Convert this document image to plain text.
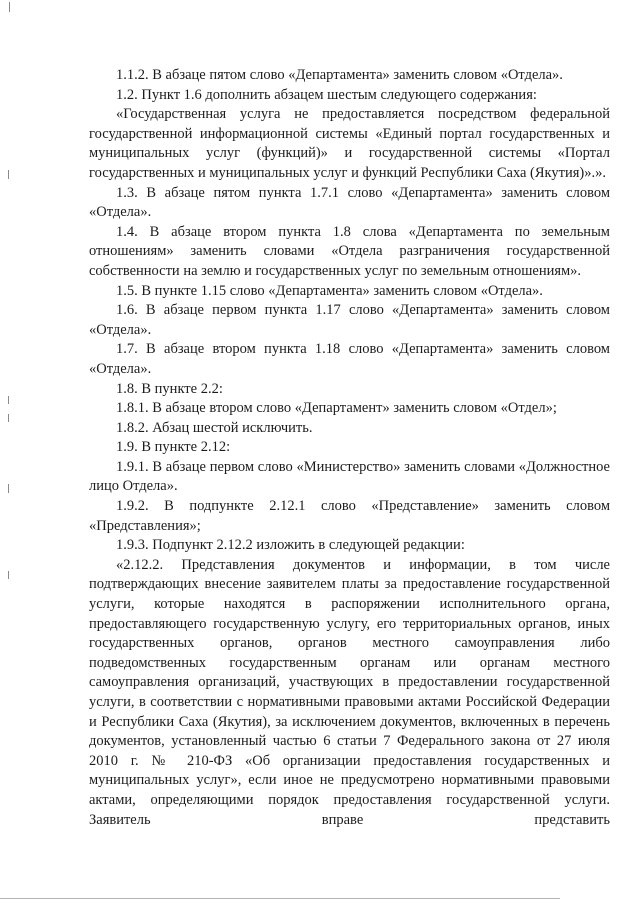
1.1.2. В абзаце пятом слово «Департамента» заменить словом «Отдела».

1.2. Пункт 1.6 дополнить абзацем шестым следующего содержания:

«Государственная услуга не предоставляется посредством федеральной государственной информационной системы «Единый портал государственных и муниципальных услуг (функций)» и государственной системы «Портал государственных и муниципальных услуг и функций Республики Саха (Якутия)».».

1.3. В абзаце пятом пункта 1.7.1 слово «Департамента» заменить словом «Отдела».

1.4. В абзаце втором пункта 1.8 слова «Департамента по земельным отношениям» заменить словами «Отдела разграничения государственной собственности на землю и государственных услуг по земельным отношениям».

1.5. В пункте 1.15 слово «Департамента» заменить словом «Отдела».

1.6. В абзаце первом пункта 1.17 слово «Департамента» заменить словом «Отдела».

1.7. В абзаце втором пункта 1.18 слово «Департамента» заменить словом «Отдела».

1.8. В пункте 2.2:

1.8.1. В абзаце втором слово «Департамент» заменить словом «Отдел»;

1.8.2. Абзац шестой исключить.

1.9. В пункте 2.12:

1.9.1. В абзаце первом слово «Министерство» заменить словами «Должностное лицо Отдела».

1.9.2. В подпункте 2.12.1 слово «Представление» заменить словом «Представления»;

1.9.3. Подпункт 2.12.2 изложить в следующей редакции:

«2.12.2. Представления документов и информации, в том числе подтверждающих внесение заявителем платы за предоставление государственной услуги, которые находятся в распоряжении исполнительного органа, предоставляющего государственную услугу, его территориальных органов, иных государственных органов, органов местного самоуправления либо подведомственных государственным органам или органам местного самоуправления организаций, участвующих в предоставлении государственной услуги, в соответствии с нормативными правовыми актами Российской Федерации и Республики Саха (Якутия), за исключением документов, включенных в перечень документов, установленный частью 6 статьи 7 Федерального закона от 27 июля 2010 г. № 210-ФЗ «Об организации предоставления государственных и муниципальных услуг», если иное не предусмотрено нормативными правовыми актами, определяющими порядок предоставления государственной услуги. Заявитель вправе представить
